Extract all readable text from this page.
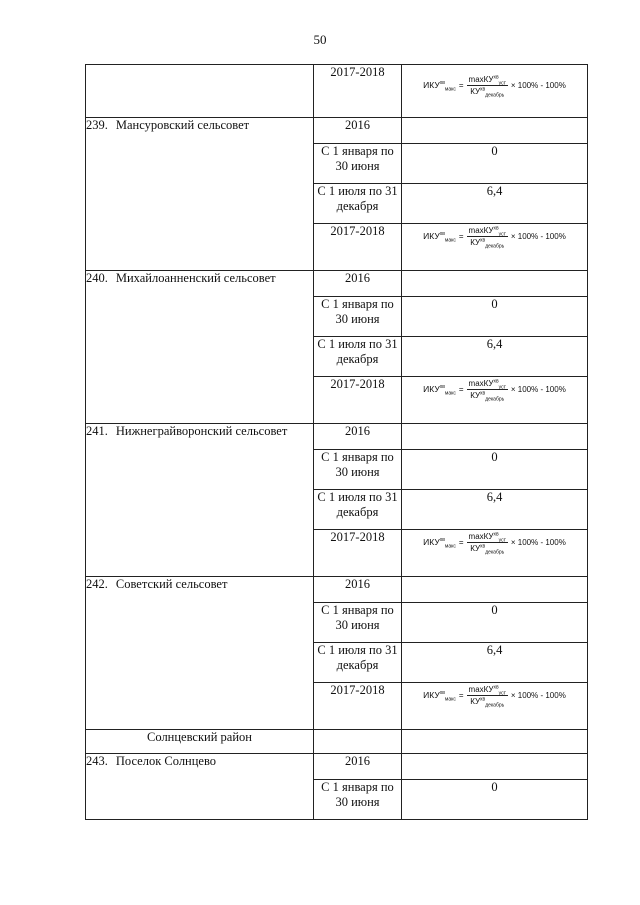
50
	2017-2018	$ИКУ^{хв}_{макс} = \frac{\max КУ^{хв}_{уст}}{КУ^{хв}_{декабрь}} \times 100\% - 100\%$

239. Мансуровский сельсовет	2016	
	С 1 января по 30 июня	0
	С 1 июля по 31 декабря	6,4
	2017-2018	$ИКУ^{хв}_{макс} = \frac{\max КУ^{хв}_{уст}}{КУ^{хв}_{декабрь}} \times 100\% - 100\%$

240. Михайлоанненский сельсовет	2016	
	С 1 января по 30 июня	0
	С 1 июля по 31 декабря	6,4
	2017-2018	$ИКУ^{хв}_{макс} = \frac{\max КУ^{хв}_{уст}}{КУ^{хв}_{декабрь}} \times 100\% - 100\%$

241. Нижнеграйворонский сельсовет	2016	
	С 1 января по 30 июня	0
	С 1 июля по 31 декабря	6,4
	2017-2018	$ИКУ^{хв}_{макс} = \frac{\max КУ^{хв}_{уст}}{КУ^{хв}_{декабрь}} \times 100\% - 100\%$

242. Советский сельсовет	2016	
	С 1 января по 30 июня	0
	С 1 июля по 31 декабря	6,4
	2017-2018	$ИКУ^{хв}_{макс} = \frac{\max КУ^{хв}_{уст}}{КУ^{хв}_{декабрь}} \times 100\% - 100\%$

Солнцевский район		
243. Поселок Солнцево	2016	
	С 1 января по 30 июня	0
